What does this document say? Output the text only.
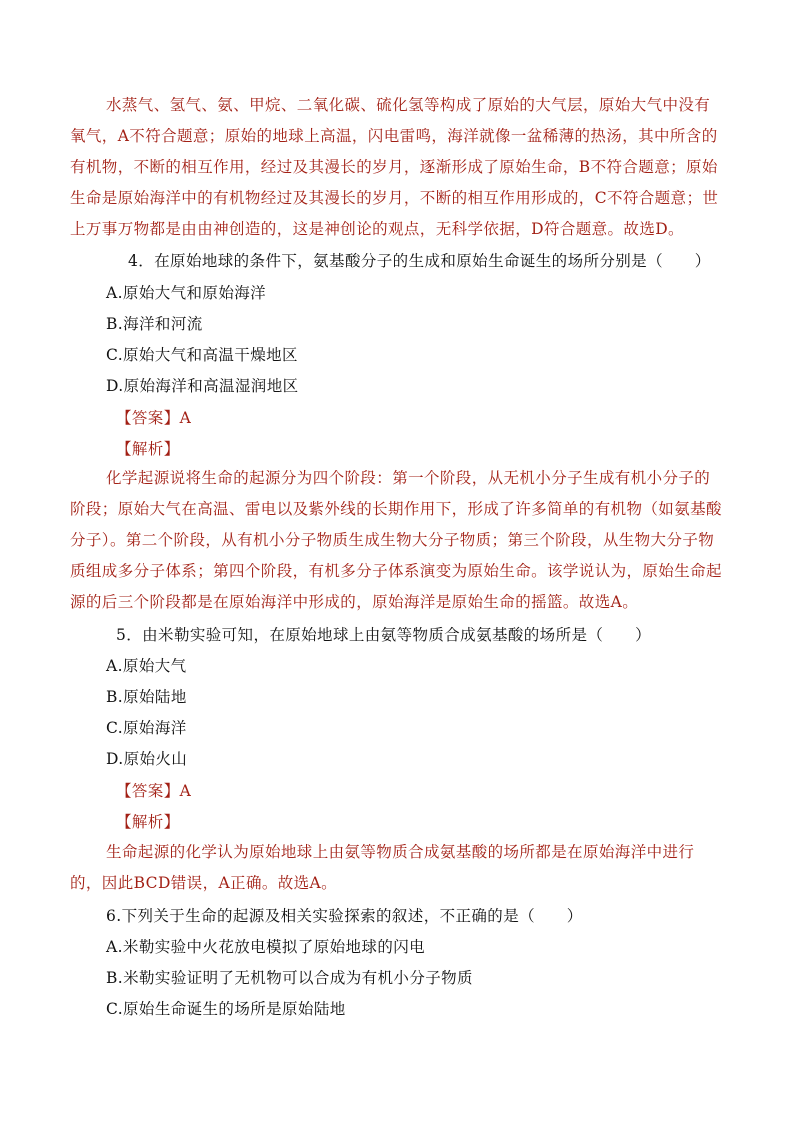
水蒸气、氢气、氨、甲烷、二氧化碳、硫化氢等构成了原始的大气层，原始大气中没有氧气，A不符合题意；原始的地球上高温，闪电雷鸣，海洋就像一盆稀薄的热汤，其中所含的有机物，不断的相互作用，经过及其漫长的岁月，逐渐形成了原始生命，B不符合题意；原始生命是原始海洋中的有机物经过及其漫长的岁月，不断的相互作用形成的，C不符合题意；世上万事万物都是由由神创造的，这是神创论的观点，无科学依据，D符合题意。故选D。
4．在原始地球的条件下，氨基酸分子的生成和原始生命诞生的场所分别是（　　）
A.原始大气和原始海洋
B.海洋和河流
C.原始大气和高温干燥地区
D.原始海洋和高温湿润地区
【答案】A
【解析】
化学起源说将生命的起源分为四个阶段：第一个阶段，从无机小分子生成有机小分子的阶段；原始大气在高温、雷电以及紫外线的长期作用下，形成了许多简单的有机物（如氨基酸分子）。第二个阶段，从有机小分子物质生成生物大分子物质；第三个阶段，从生物大分子物质组成多分子体系；第四个阶段，有机多分子体系演变为原始生命。该学说认为，原始生命起源的后三个阶段都是在原始海洋中形成的，原始海洋是原始生命的摇篮。故选A。
5．由米勒实验可知，在原始地球上由氨等物质合成氨基酸的场所是（　　）
A.原始大气
B.原始陆地
C.原始海洋
D.原始火山
【答案】A
【解析】
生命起源的化学认为原始地球上由氨等物质合成氨基酸的场所都是在原始海洋中进行的，因此BCD错误，A正确。故选A。
6.下列关于生命的起源及相关实验探索的叙述，不正确的是（　　）
A.米勒实验中火花放电模拟了原始地球的闪电
B.米勒实验证明了无机物可以合成为有机小分子物质
C.原始生命诞生的场所是原始陆地
